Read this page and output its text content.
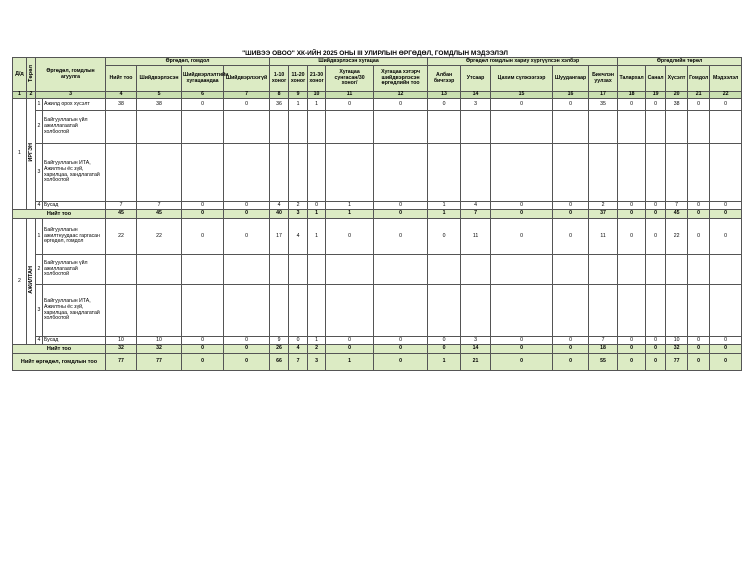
"ШИВЭЭ ОВОО" ХК-ИЙН 2025 ОНЫ III УЛИРЛЫН ӨРГӨДӨЛ, ГОМДЛЫН МЭДЭЭЛЭЛ
Д/д	Төрөл	Өргөдөл, гомдлын агуулга		Өргөдөл, гомдол				Шийдвэрлэсэн хугацаа					Өргөдөл гомдлын хариу хүргүүлсэн хэлбэр					Өргөдлийн төрөл				
				Нийт тоо	Шийдвэрлэсэн	Шийдвэрлэлтийн хугацаандаа	Шийдвэрлээгүй	1-10 хоног	11-20 хоног	21-30 хоног	Хугацаа сунгасан/30 хоног/	Хугацаа хэтэрч шийдвэрлэсэн өргөдлийн тоо	Албан бичгээр	Утсаар	Цахим сүлжээгээр	Шуудангаар	Биечлэн уулзах	Талархал	Санал	Хүсэлт	Гомдол	Мэдээлэл
1	2	3		4	5	6	7	8	9	10	11	12	13	14	15	16	17	18	19	20	21	22
1	ИРГЭН	1	Ажилд орох хүсэлт	38	38	0	0	36	1	1	0	0	0	3	0	0	35	0	0	38	0	0
		2	Байгууллагын үйл ажиллагаатай холбоотой																			
		3	Байгууллагын ИТА, Ажилтны ёс зүй, харилцаа, хандлагатай холбоотой																			
		4	Бусад	7	7	0	0	4	2	0	1	0	1	4	0	0	2	0	0	7	0	0
Нийт тоо				45	45	0	0	40	3	1	1	0	1	7	0	0	37	0	0	45	0	0
2	АЖИЛТАН	1	Байгууллагын ажилтнуудаас гаргасан өргөдөл, гомдол	22	22	0	0	17	4	1	0	0	0	11	0	0	11	0	0	22	0	0
		2	Байгууллагын үйл ажиллагаатай холбоотой																			
		3	Байгууллагын ИТА, Ажилтны ёс зүй, харилцаа, хандлагатай холбоотой																			
		4	Бусад	10	10	0	0	9	0	1	0	0	0	3	0	0	7	0	0	10	0	0
Нийт тоо				32	32	0	0	26	4	2	0	0	0	14	0	0	18	0	0	32	0	0
Нийт өргөдөл, гомдлын тоо				77	77	0	0	66	7	3	1	0	1	21	0	0	55	0	0	77	0	0
